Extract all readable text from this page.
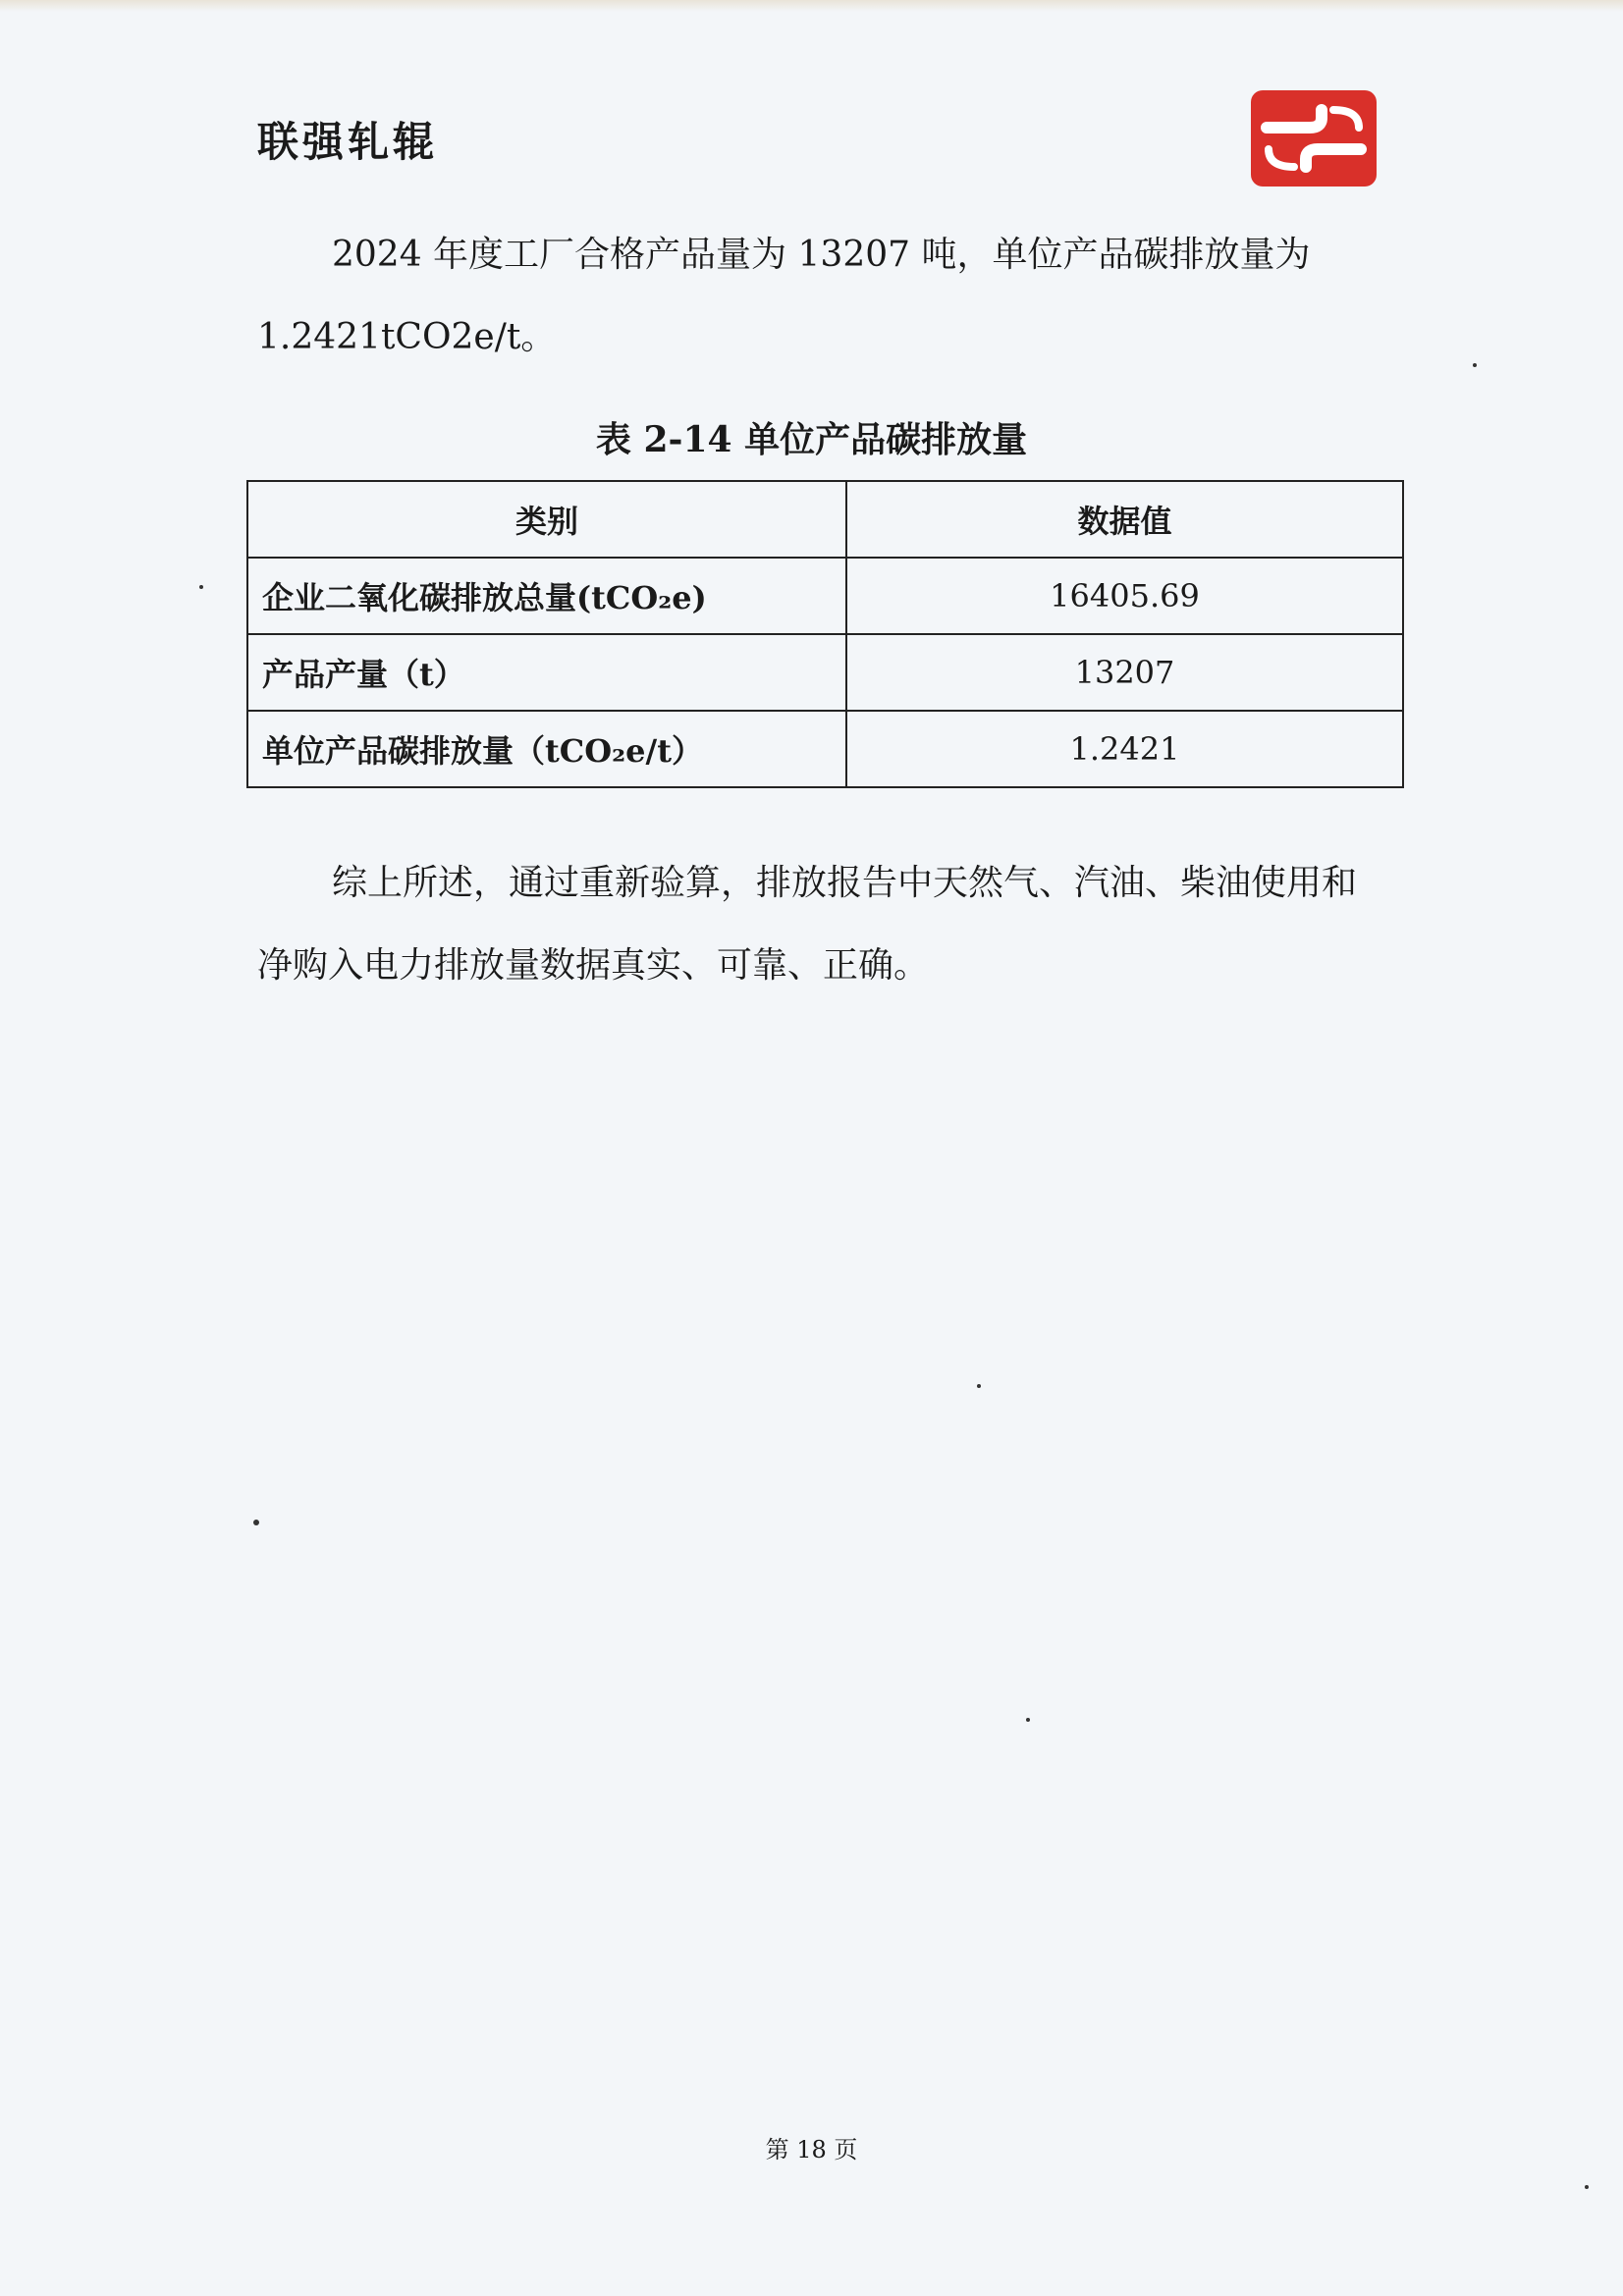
联强轧辊

2024 年度工厂合格产品量为 13207 吨，单位产品碳排放量为 1.2421tCO2e/t。

表 2-14 单位产品碳排放量
类别	数据值
企业二氧化碳排放总量(tCO₂e)	16405.69
产品产量（t）	13207
单位产品碳排放量（tCO₂e/t）	1.2421

综上所述，通过重新验算，排放报告中天然气、汽油、柴油使用和净购入电力排放量数据真实、可靠、正确。

第 18 页
